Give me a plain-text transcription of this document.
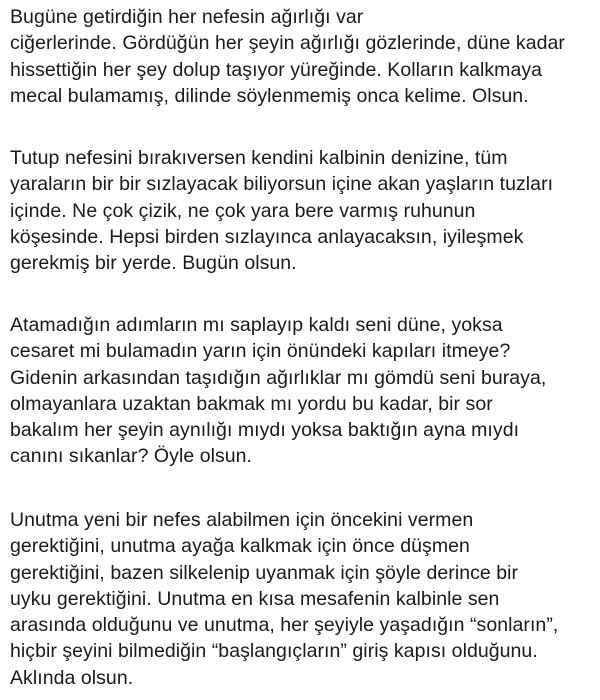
Bugüne getirdiğin her nefesin ağırlığı var
ciğerlerinde. Gördüğün her şeyin ağırlığı gözlerinde, düne kadar
hissettiğin her şey dolup taşıyor yüreğinde. Kolların kalkmaya
mecal bulamamış, dilinde söylenmemiş onca kelime. Olsun.

Tutup nefesini bırakıversen kendini kalbinin denizine, tüm
yaraların bir bir sızlayacak biliyorsun içine akan yaşların tuzları
içinde. Ne çok çizik, ne çok yara bere varmış ruhunun
köşesinde. Hepsi birden sızlayınca anlayacaksın, iyileşmek
gerekmiş bir yerde. Bugün olsun.

Atamadığın adımların mı saplayıp kaldı seni düne, yoksa
cesaret mi bulamadın yarın için önündeki kapıları itmeye?
Gidenin arkasından taşıdığın ağırlıklar mı gömdü seni buraya,
olmayanlara uzaktan bakmak mı yordu bu kadar, bir sor
bakalım her şeyin aynılığı mıydı yoksa baktığın ayna mıydı
canını sıkanlar? Öyle olsun.

Unutma yeni bir nefes alabilmen için öncekini vermen
gerektiğini, unutma ayağa kalkmak için önce düşmen
gerektiğini, bazen silkelenip uyanmak için şöyle derince bir
uyku gerektiğini. Unutma en kısa mesafenin kalbinle sen
arasında olduğunu ve unutma, her şeyiyle yaşadığın “sonların”,
hiçbir şeyini bilmediğin “başlangıçların” giriş kapısı olduğunu.
Aklında olsun.
